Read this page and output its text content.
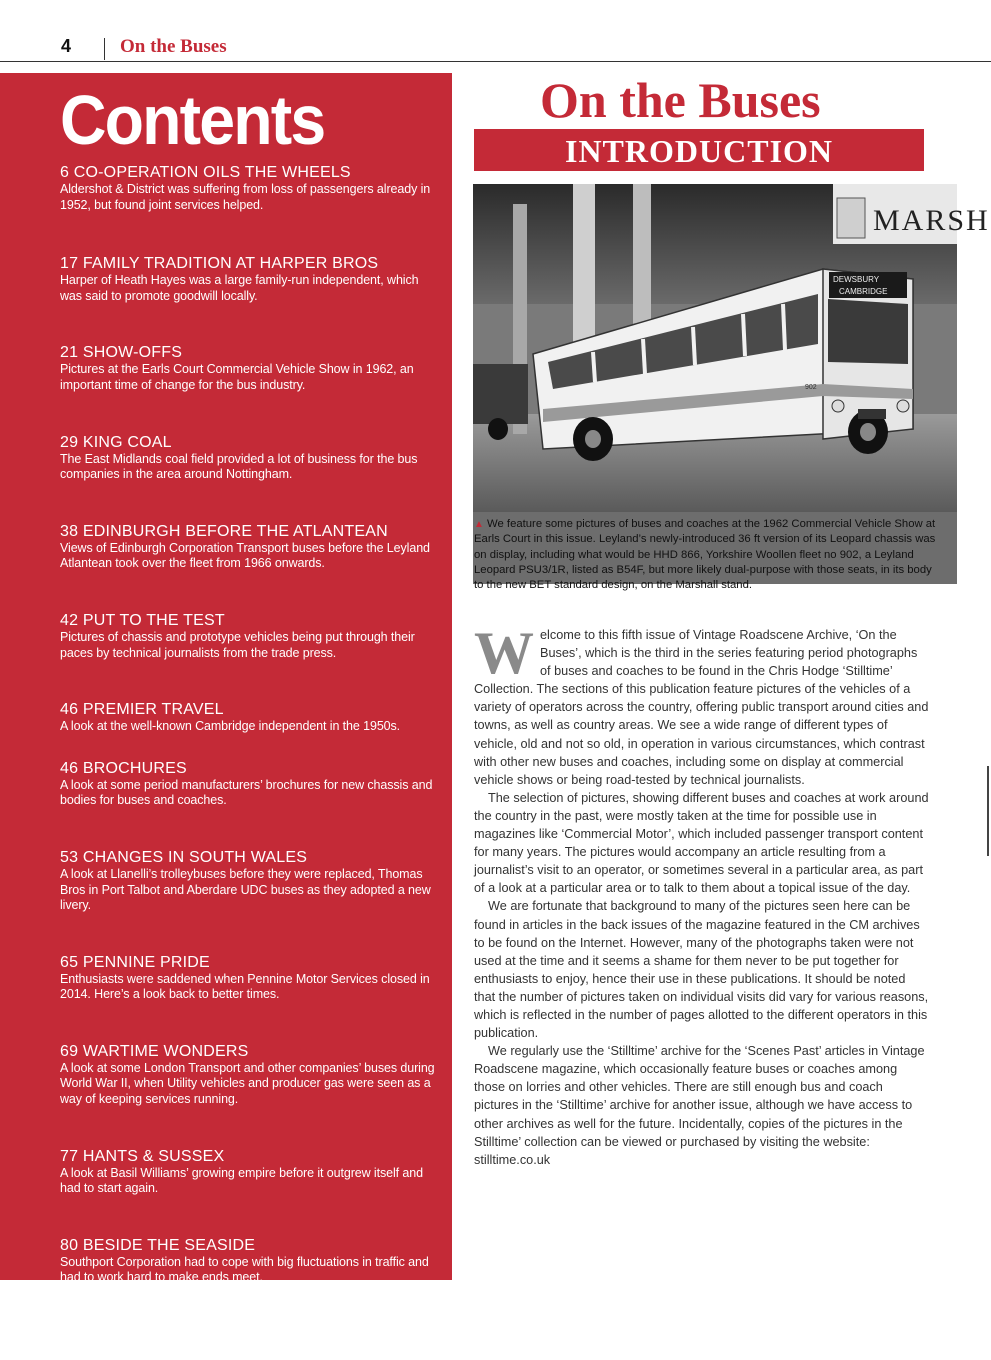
4	On the Buses
Contents
6 CO-OPERATION OILS THE WHEELS
Aldershot & District was suffering from loss of passengers already in 1952, but found joint services helped.
17 FAMILY TRADITION AT HARPER BROS
Harper of Heath Hayes was a large family-run independent, which was said to promote goodwill locally.
21 SHOW-OFFS
Pictures at the Earls Court Commercial Vehicle Show in 1962, an important time of change for the bus industry.
29 KING COAL
The East Midlands coal field provided a lot of business for the bus companies in the area around Nottingham.
38 EDINBURGH BEFORE THE ATLANTEAN
Views of Edinburgh Corporation Transport buses before the Leyland Atlantean took over the fleet from 1966 onwards.
42 PUT TO THE TEST
Pictures of chassis and prototype vehicles being put through their paces by technical journalists from the trade press.
46 PREMIER TRAVEL
A look at the well-known Cambridge independent in the 1950s.
46 BROCHURES
A look at some period manufacturers’ brochures for new chassis and bodies for buses and coaches.
53 CHANGES IN SOUTH WALES
A look at Llanelli’s trolleybuses before they were replaced, Thomas Bros in Port Talbot and Aberdare UDC buses as they adopted a new livery.
65 PENNINE PRIDE
Enthusiasts were saddened when Pennine Motor Services closed in 2014. Here’s a look back to better times.
69 WARTIME WONDERS
A look at some London Transport and other companies’ buses during World War II, when Utility vehicles and producer gas were seen as a way of keeping services running.
77 HANTS & SUSSEX
A look at Basil Williams’ growing empire before it outgrew itself and had to start again.
80 BESIDE THE SEASIDE
Southport Corporation had to cope with big fluctuations in traffic and had to work hard to make ends meet.
86 BUSES IN DUBLIN IN 1951
Views of the buses of CIE and GNR beside the River Liffey.
On the Buses
INTRODUCTION
MARSH
DEWSBURY
CAMBRIDGE
902
▲ We feature some pictures of buses and coaches at the 1962 Commercial Vehicle Show at Earls Court in this issue. Leyland’s newly-introduced 36 ft version of its Leopard chassis was on display, including what would be HHD 866, Yorkshire Woollen fleet no 902, a Leyland Leopard PSU3/1R, listed as B54F, but more likely dual-purpose with those seats, in its body to the new BET standard design, on the Marshall stand.

Welcome to this fifth issue of Vintage Roadscene Archive, ‘On the Buses’, which is the third in the series featuring period photographs of buses and coaches to be found in the Chris Hodge ‘Stilltime’ Collection. The sections of this publication feature pictures of the vehicles of a variety of operators across the country, offering public transport around cities and towns, as well as country areas. We see a wide range of different types of vehicle, old and not so old, in operation in various circumstances, which contrast with other new buses and coaches, including some on display at commercial vehicle shows or being road-tested by technical journalists.

The selection of pictures, showing different buses and coaches at work around the country in the past, were mostly taken at the time for possible use in magazines like ‘Commercial Motor’, which included passenger transport content for many years. The pictures would accompany an article resulting from a journalist’s visit to an operator, or sometimes several in a particular area, as part of a look at a particular area or to talk to them about a topical issue of the day.

We are fortunate that background to many of the pictures seen here can be found in articles in the back issues of the magazine featured in the CM archives to be found on the Internet. However, many of the photographs taken were not used at the time and it seems a shame for them never to be put together for enthusiasts to enjoy, hence their use in these publications. It should be noted that the number of pictures taken on individual visits did vary for various reasons, which is reflected in the number of pages allotted to the different operators in this publication.

We regularly use the ‘Stilltime’ archive for the ‘Scenes Past’ articles in Vintage Roadscene magazine, which occasionally feature buses or coaches among those on lorries and other vehicles. There are still enough bus and coach pictures in the ‘Stilltime’ archive for another issue, although we have access to other archives as well for the future. Incidentally, copies of the pictures in the Stilltime’ collection can be viewed or purchased by visiting the website: stilltime.co.uk
